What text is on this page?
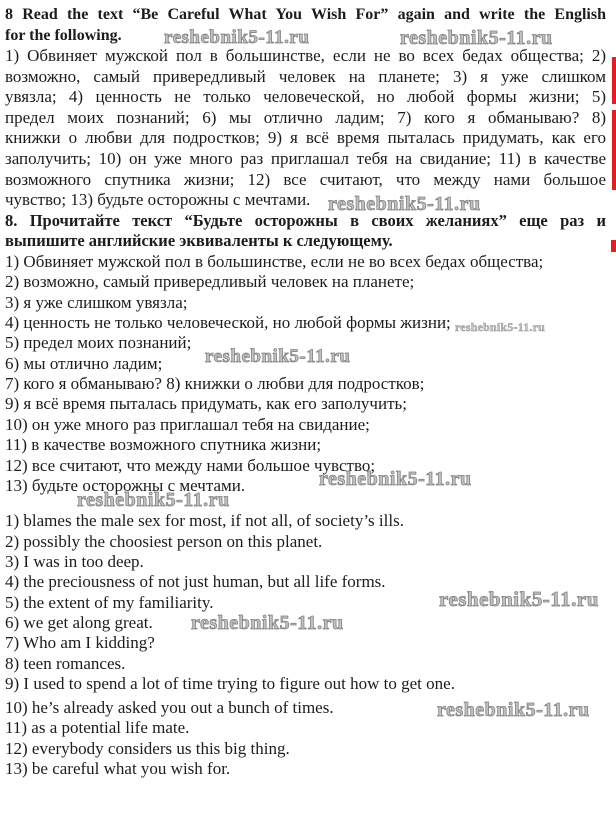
8 Read the text “Be Careful What You Wish For” again and write the English
for the following.
1) Обвиняет мужской пол в большинстве, если не во всех бедах общества; 2)
возможно, самый привередливый человек на планете; 3) я уже слишком
увязла; 4) ценность не только человеческой, но любой формы жизни; 5)
предел моих познаний; 6) мы отлично ладим; 7) кого я обманываю? 8)
книжки о любви для подростков; 9) я всё время пыталась придумать, как его
заполучить; 10) он уже много раз приглашал тебя на свидание; 11) в качестве
возможного спутника жизни; 12) все считают, что между нами большое
чувство; 13) будьте осторожны с мечтами.
8. Прочитайте текст “Будьте осторожны в своих желаниях” еще раз и
выпишите английские эквиваленты к следующему.
1) Обвиняет мужской пол в большинстве, если не во всех бедах общества;
2) возможно, самый привередливый человек на планете;
3) я уже слишком увязла;
4) ценность не только человеческой, но любой формы жизни;
5) предел моих познаний;
6) мы отлично ладим;
7) кого я обманываю? 8) книжки о любви для подростков;
9) я всё время пыталась придумать, как его заполучить;
10) он уже много раз приглашал тебя на свидание;
11) в качестве возможного спутника жизни;
12) все считают, что между нами большое чувство;
13) будьте осторожны с мечтами.
1) blames the male sex for most, if not all, of society’s ills.
2) possibly the choosiest person on this planet.
3) I was in too deep.
4) the preciousness of not just human, but all life forms.
5) the extent of my familiarity.
6) we get along great.
7) Who am I kidding?
8) teen romances.
9) I used to spend a lot of time trying to figure out how to get one.
10) he’s already asked you out a bunch of times.
11) as a potential life mate.
12) everybody considers us this big thing.
13) be careful what you wish for.
reshebnik5-11.ru	reshebnik5-11.ru
reshebnik5-11.ru
reshebnik5-11.ru
reshebnik5-11.ru
reshebnik5-11.ru
reshebnik5-11.ru
reshebnik5-11.ru
reshebnik5-11.ru
reshebnik5-11.ru
